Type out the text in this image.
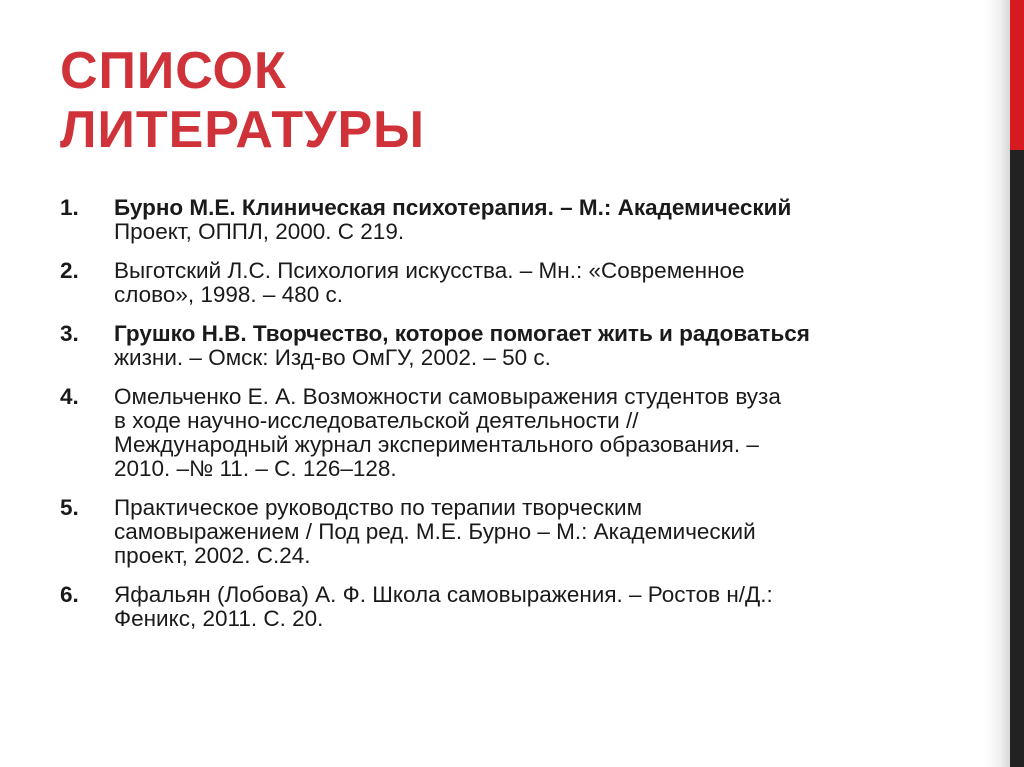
СПИСОК
ЛИТЕРАТУРЫ
1.	Бурно М.Е. Клиническая психотерапия. – М.: Академический
Проект, ОППЛ, 2000. С 219.
2.	Выготский Л.С. Психология искусства. – Мн.: «Современное
слово», 1998. – 480 с.
3.	Грушко Н.В. Творчество, которое помогает жить и радоваться
жизни. – Омск: Изд-во ОмГУ, 2002. – 50 с.
4.	Омельченко Е. А. Возможности самовыражения студентов вуза
в ходе научно-исследовательской деятельности //
Международный журнал экспериментального образования. –
2010. –№ 11. – С. 126–128.
5.	Практическое руководство по терапии творческим
самовыражением / Под ред. М.Е. Бурно – М.: Академический
проект, 2002. С.24.
6.	Яфальян (Лобова) А. Ф. Школа самовыражения. – Ростов н/Д.:
Феникс, 2011. С. 20.
